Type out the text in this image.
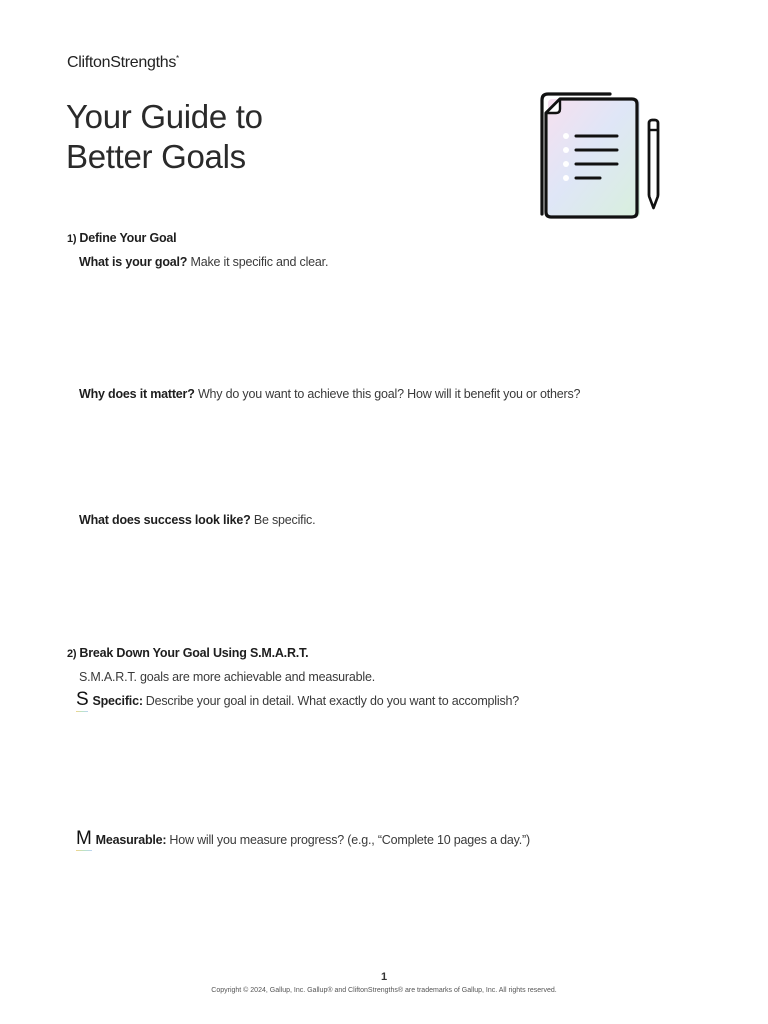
CliftonStrengths*
Your Guide to
Better Goals
1) Define Your Goal

What is your goal? Make it specific and clear.

Why does it matter? Why do you want to achieve this goal? How will it benefit you or others?

What does success look like? Be specific.

2) Break Down Your Goal Using S.M.A.R.T.

S.M.A.R.T. goals are more achievable and measurable.

S Specific: Describe your goal in detail. What exactly do you want to accomplish?
M Measurable: How will you measure progress? (e.g., “Complete 10 pages a day.”)
1
Copyright © 2024, Gallup, Inc. Gallup® and CliftonStrengths® are trademarks of Gallup, Inc. All rights reserved.
